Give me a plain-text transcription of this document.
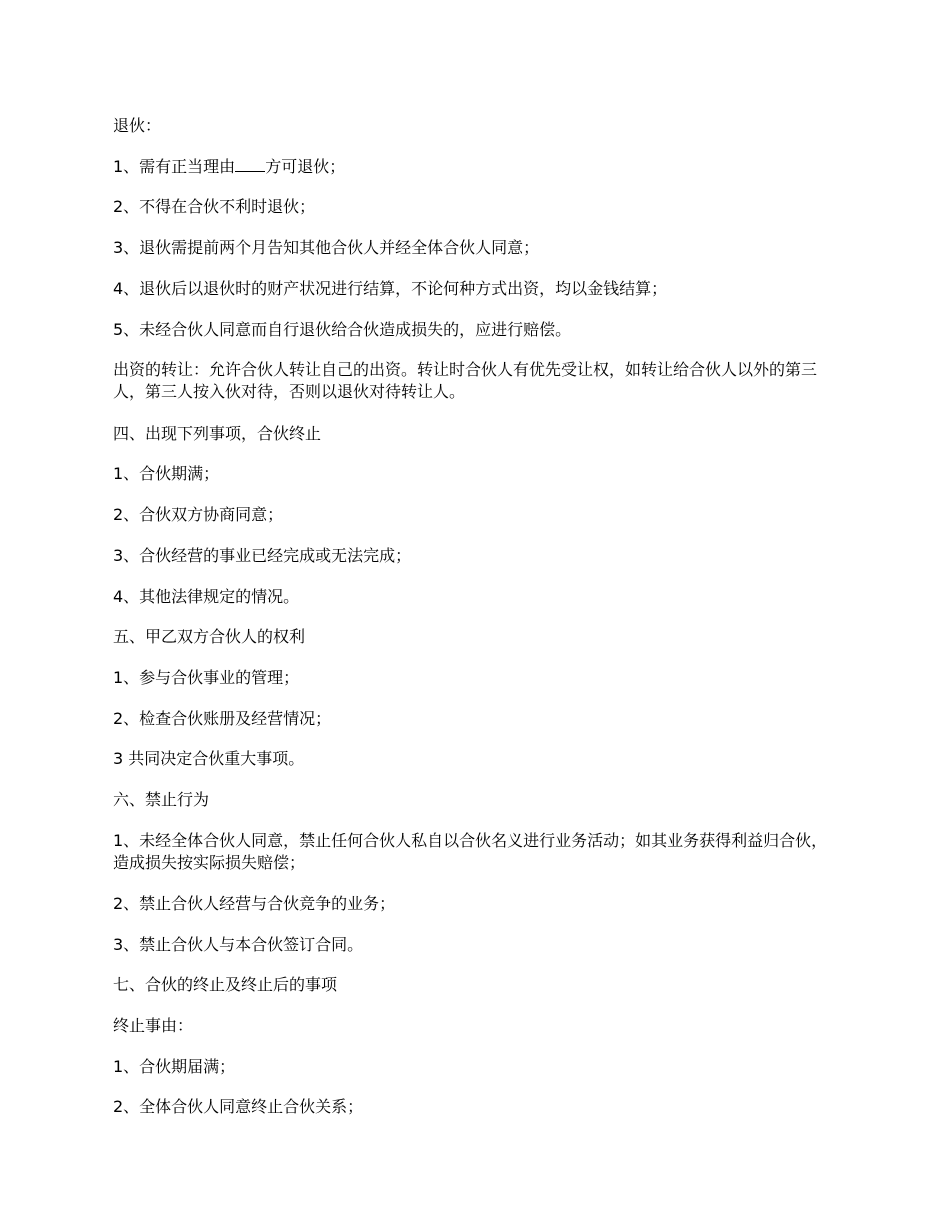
退伙：

1、需有正当理由 方可退伙；

2、不得在合伙不利时退伙；

3、退伙需提前两个月告知其他合伙人并经全体合伙人同意；

4、退伙后以退伙时的财产状况进行结算，不论何种方式出资，均以金钱结算；

5、未经合伙人同意而自行退伙给合伙造成损失的，应进行赔偿。

出资的转让：允许合伙人转让自己的出资。转让时合伙人有优先受让权，如转让给合伙人以外的第三人，第三人按入伙对待，否则以退伙对待转让人。

四、出现下列事项，合伙终止

1、合伙期满；

2、合伙双方协商同意；

3、合伙经营的事业已经完成或无法完成；

4、其他法律规定的情况。

五、甲乙双方合伙人的权利

1、参与合伙事业的管理；

2、检查合伙账册及经营情况；

3 共同决定合伙重大事项。

六、禁止行为

1、未经全体合伙人同意，禁止任何合伙人私自以合伙名义进行业务活动；如其业务获得利益归合伙，造成损失按实际损失赔偿；

2、禁止合伙人经营与合伙竞争的业务；

3、禁止合伙人与本合伙签订合同。

七、合伙的终止及终止后的事项

终止事由：

1、合伙期届满；

2、全体合伙人同意终止合伙关系；
